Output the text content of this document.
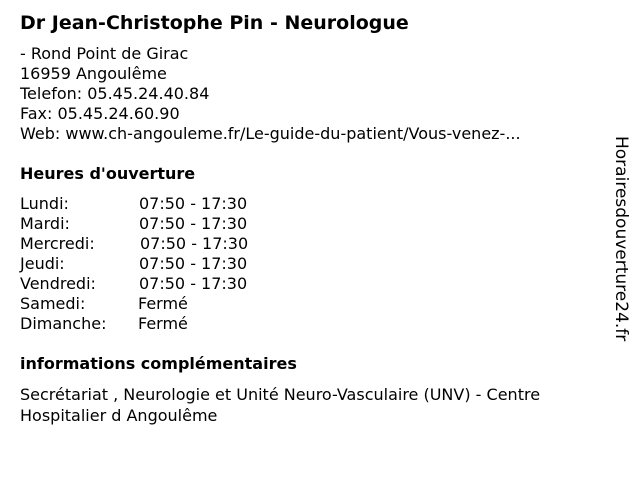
Dr Jean-Christophe Pin - Neurologue
- Rond Point de Girac
16959 Angoulême
Telefon: 05.45.24.40.84
Fax: 05.45.24.60.90
Web: www.ch-angouleme.fr/Le-guide-du-patient/Vous-venez-...
Heures d'ouverture
Lundi:	07:50 - 17:30
Mardi:	07:50 - 17:30
Mercredi:	07:50 - 17:30
Jeudi:	07:50 - 17:30
Vendredi:	07:50 - 17:30
Samedi:	Fermé
Dimanche: Fermé
informations complémentaires
Secrétariat , Neurologie et Unité Neuro-Vasculaire (UNV) - Centre Hospitalier d Angoulême
Horairesdouverture24.fr
